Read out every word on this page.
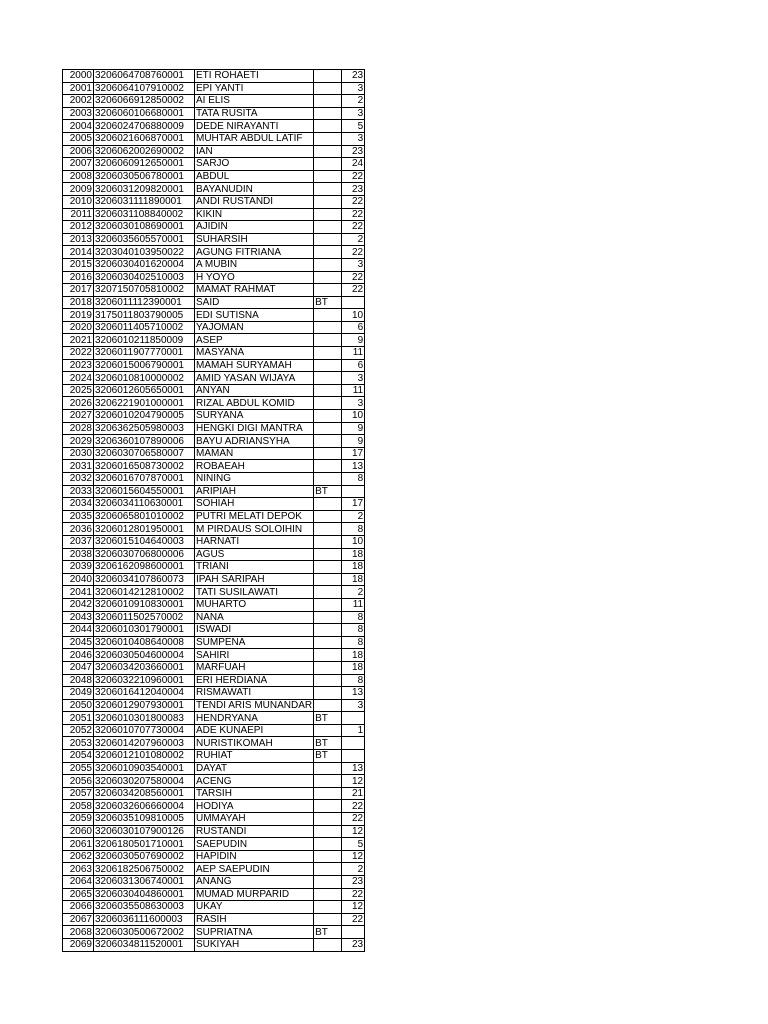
2000	3206064708760001	ETI ROHAETI		23
2001	3206064107910002	EPI YANTI		3
2002	3206066912850002	AI ELIS		2
2003	3206060106680001	TATA RUSITA		3
2004	3206024706880009	DEDE NIRAYANTI		5
2005	3206021606870001	MUHTAR ABDUL LATIF		3
2006	3206062002690002	IAN		23
2007	3206060912650001	SARJO		24
2008	3206030506780001	ABDUL		22
2009	3206031209820001	BAYANUDIN		23
2010	3206031111890001	ANDI RUSTANDI		22
2011	3206031108840002	KIKIN		22
2012	3206030108690001	AJIDIN		22
2013	3206035605570001	SUHARSIH		2
2014	3203040103950022	AGUNG FITRIANA		22
2015	3206030401620004	A MUBIN		3
2016	3206030402510003	H YOYO		22
2017	3207150705810002	MAMAT RAHMAT		22
2018	3206011112390001	SAID	BT	
2019	3175011803790005	EDI SUTISNA		10
2020	3206011405710002	YAJOMAN		6
2021	3206010211850009	ASEP		9
2022	3206011907770001	MASYANA		11
2023	3206015006790001	MAMAH SURYAMAH		6
2024	3206010810000002	AMID YASAN WIJAYA		3
2025	3206012605650001	ANYAN		11
2026	3206221901000001	RIZAL ABDUL KOMID		3
2027	3206010204790005	SURYANA		10
2028	3206362505980003	HENGKI DIGI MANTRA		9
2029	3206360107890006	BAYU ADRIANSYHA		9
2030	3206030706580007	MAMAN		17
2031	3206016508730002	ROBAEAH		13
2032	3206016707870001	NINING		8
2033	3206015604550001	ARIPIAH	BT	
2034	3206034110630001	SOHIAH		17
2035	3206065801010002	PUTRI MELATI DEPOK		2
2036	3206012801950001	M PIRDAUS SOLOIHIN		8
2037	3206015104640003	HARNATI		10
2038	3206030706800006	AGUS		18
2039	3206162098600001	TRIANI		18
2040	3206034107860073	IPAH SARIPAH		18
2041	3206014212810002	TATI SUSILAWATI		2
2042	3206010910830001	MUHARTO		11
2043	3206011502570002	NANA		8
2044	3206010301790001	ISWADI		8
2045	3206010408640008	SUMPENA		8
2046	3206030504600004	SAHIRI		18
2047	3206034203660001	MARFUAH		18
2048	3206032210960001	ERI HERDIANA		8
2049	3206016412040004	RISMAWATI		13
2050	3206012907930001	TENDI ARIS MUNANDAR		3
2051	3206010301800083	HENDRYANA	BT	
2052	3206010707730004	ADE KUNAEPI		1
2053	3206014207960003	NURISTIKOMAH	BT	
2054	3206012101080002	RUHIAT	BT	
2055	3206010903540001	DAYAT		13
2056	3206030207580004	ACENG		12
2057	3206034208560001	TARSIH		21
2058	3206032606660004	HODIYA		22
2059	3206035109810005	UMMAYAH		22
2060	3206030107900126	RUSTANDI		12
2061	3206180501710001	SAEPUDIN		5
2062	3206030507690002	HAPIDIN		12
2063	3206182506750002	AEP SAEPUDIN		2
2064	3206031306740001	ANANG		23
2065	3206030404860001	MUMAD MURPARID		22
2066	3206035508630003	UKAY		12
2067	3206036111600003	RASIH		22
2068	3206030500672002	SUPRIATNA	BT	
2069	3206034811520001	SUKIYAH		23
